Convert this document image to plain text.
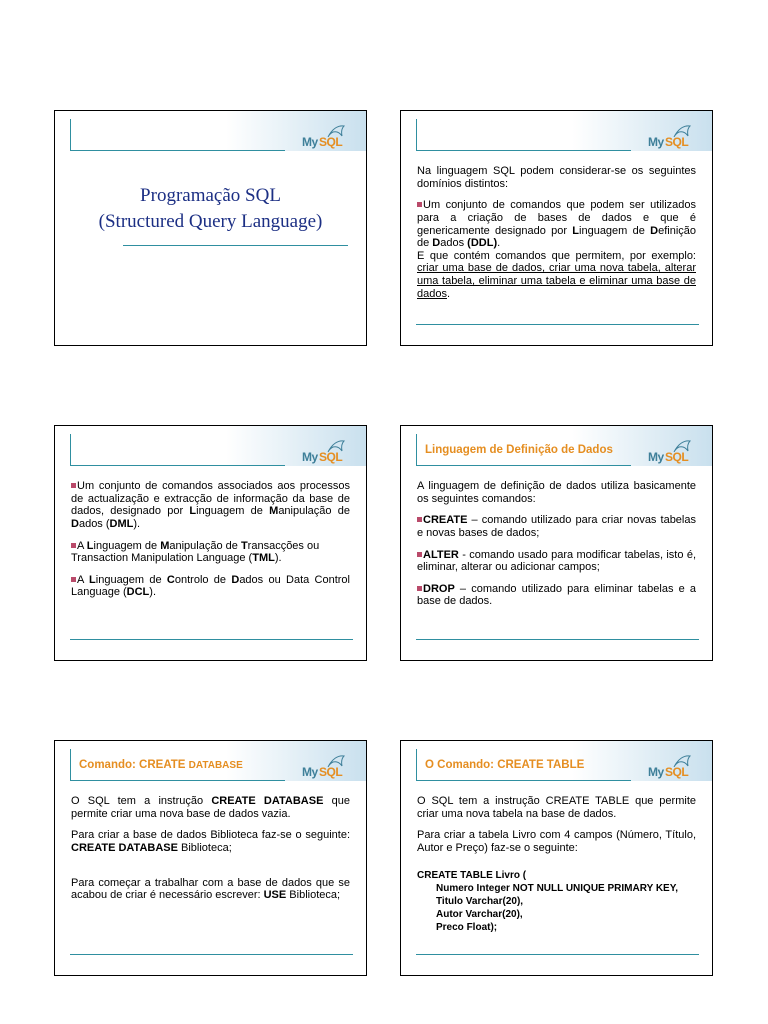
My SQL
Programação SQL
(Structured Query Language)
My SQL

Na linguagem SQL podem considerar-se os seguintes domínios distintos:

Um conjunto de comandos que podem ser utilizados para a criação de bases de dados e que é genericamente designado por Linguagem de Definição de Dados (DDL).

E que contém comandos que permitem, por exemplo: criar uma base de dados, criar uma nova tabela, alterar uma tabela, eliminar uma tabela e eliminar uma base de dados.

My SQL

Um conjunto de comandos associados aos processos de actualização e extracção de informação da base de dados, designado por Linguagem de Manipulação de Dados (DML).

A Linguagem de Manipulação de Transacções ou Transaction Manipulation Language (TML).

A Linguagem de Controlo de Dados ou Data Control Language (DCL).

Linguagem de Definição de Dados	My SQL

A linguagem de definição de dados utiliza basicamente os seguintes comandos:

CREATE – comando utilizado para criar novas tabelas e novas bases de dados;

ALTER - comando usado para modificar tabelas, isto é, eliminar, alterar ou adicionar campos;

DROP – comando utilizado para eliminar tabelas e a base de dados.

Comando: CREATE DATABASE	My SQL

O SQL tem a instrução CREATE DATABASE que permite criar uma nova base de dados vazia.

Para criar a base de dados Biblioteca faz-se o seguinte: CREATE DATABASE Biblioteca;

Para começar a trabalhar com a base de dados que se acabou de criar é necessário escrever: USE Biblioteca;

O Comando: CREATE TABLE	My SQL

O SQL tem a instrução CREATE TABLE que permite criar uma nova tabela na base de dados.

Para criar a tabela Livro com 4 campos (Número, Título, Autor e Preço) faz-se o seguinte:

CREATE TABLE Livro (
Numero Integer NOT NULL UNIQUE PRIMARY KEY,
Titulo Varchar(20),
Autor Varchar(20),
Preco Float);
